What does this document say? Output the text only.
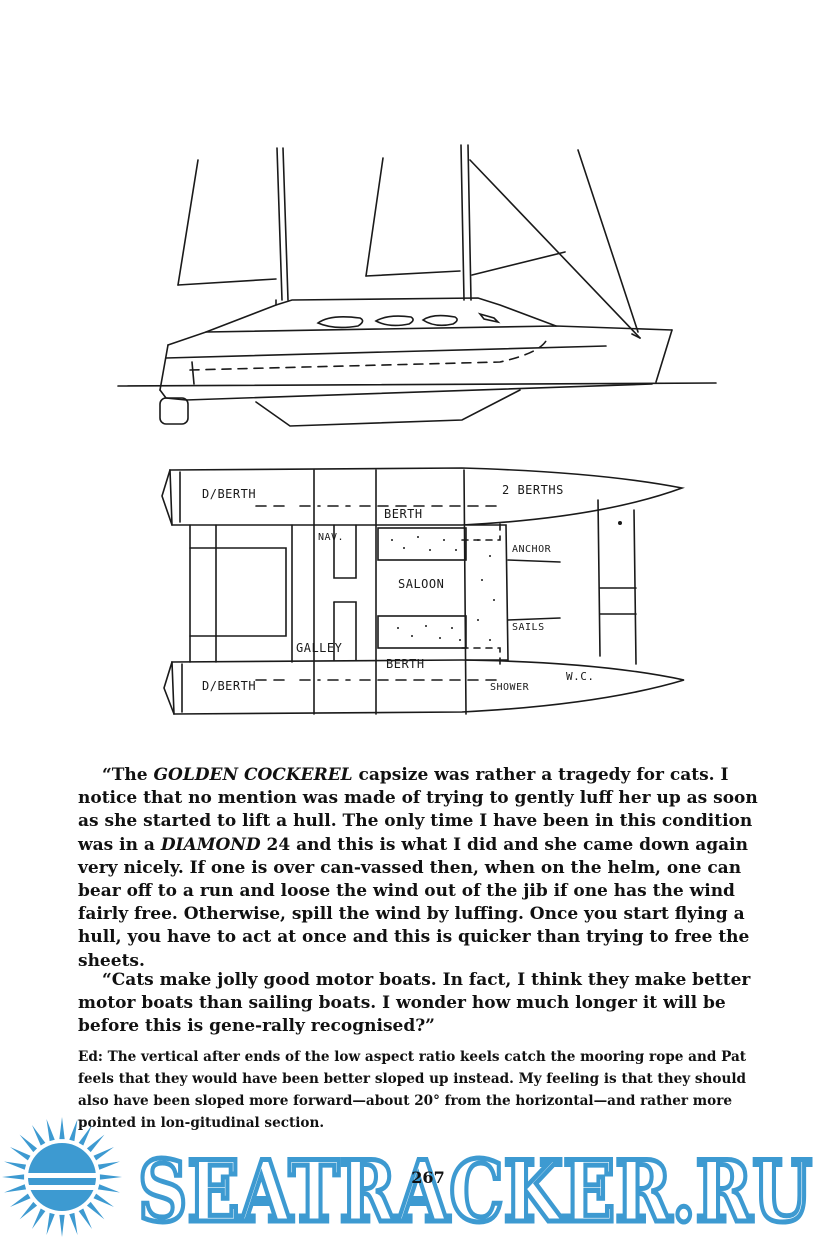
D/BERTH	2 BERTHS
BERTH
NAV.
ANCHOR
SALOON
SAILS
GALLEY
BERTH
D/BERTH	SHOWER
W.C.

“The GOLDEN COCKEREL capsize was rather a tragedy for cats. I notice that no mention was made of trying to gently luff her up as soon as she started to lift a hull. The only time I have been in this condition was in a DIAMOND 24 and this is what I did and she came down again very nicely. If one is over can-vassed then, when on the helm, one can bear off to a run and loose the wind out of the jib if one has the wind fairly free. Otherwise, spill the wind by luffing. Once you start flying a hull, you have to act at once and this is quicker than trying to free the sheets.

“Cats make jolly good motor boats. In fact, I think they make better motor boats than sailing boats. I wonder how much longer it will be before this is gene-rally recognised?”

Ed: The vertical after ends of the low aspect ratio keels catch the mooring rope and Pat feels that they would have been better sloped up instead. My feeling is that they should also have been sloped more forward—about 20° from the horizontal—and rather more pointed in lon-gitudinal section.

267
SEATRACKER.RU
